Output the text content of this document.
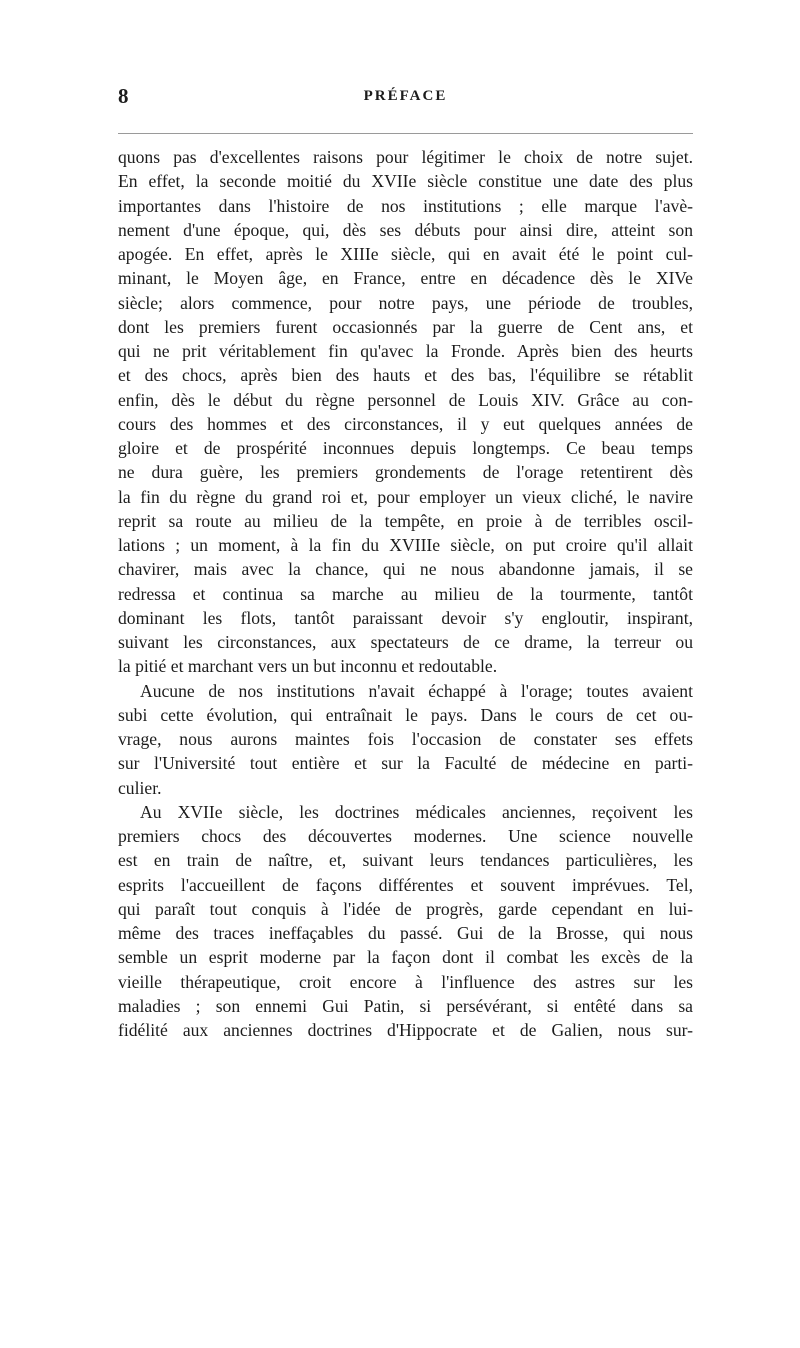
8	PRÉFACE
quons pas d'excellentes raisons pour légitimer le choix de notre sujet.
En effet, la seconde moitié du XVIIe siècle constitue une date des plus
importantes dans l'histoire de nos institutions ; elle marque l'avè-
nement d'une époque, qui, dès ses débuts pour ainsi dire, atteint son
apogée. En effet, après le XIIIe siècle, qui en avait été le point cul-
minant, le Moyen âge, en France, entre en décadence dès le XIVe
siècle; alors commence, pour notre pays, une période de troubles,
dont les premiers furent occasionnés par la guerre de Cent ans, et
qui ne prit véritablement fin qu'avec la Fronde. Après bien des heurts
et des chocs, après bien des hauts et des bas, l'équilibre se rétablit
enfin, dès le début du règne personnel de Louis XIV. Grâce au con-
cours des hommes et des circonstances, il y eut quelques années de
gloire et de prospérité inconnues depuis longtemps. Ce beau temps
ne dura guère, les premiers grondements de l'orage retentirent dès
la fin du règne du grand roi et, pour employer un vieux cliché, le navire
reprit sa route au milieu de la tempête, en proie à de terribles oscil-
lations ; un moment, à la fin du XVIIIe siècle, on put croire qu'il allait
chavirer, mais avec la chance, qui ne nous abandonne jamais, il se
redressa et continua sa marche au milieu de la tourmente, tantôt
dominant les flots, tantôt paraissant devoir s'y engloutir, inspirant,
suivant les circonstances, aux spectateurs de ce drame, la terreur ou
la pitié et marchant vers un but inconnu et redoutable.
Aucune de nos institutions n'avait échappé à l'orage; toutes avaient
subi cette évolution, qui entraînait le pays. Dans le cours de cet ou-
vrage, nous aurons maintes fois l'occasion de constater ses effets
sur l'Université tout entière et sur la Faculté de médecine en parti-
culier.
Au XVIIe siècle, les doctrines médicales anciennes, reçoivent les
premiers chocs des découvertes modernes. Une science nouvelle
est en train de naître, et, suivant leurs tendances particulières, les
esprits l'accueillent de façons différentes et souvent imprévues. Tel,
qui paraît tout conquis à l'idée de progrès, garde cependant en lui-
même des traces ineffaçables du passé. Gui de la Brosse, qui nous
semble un esprit moderne par la façon dont il combat les excès de la
vieille thérapeutique, croit encore à l'influence des astres sur les
maladies ; son ennemi Gui Patin, si persévérant, si entêté dans sa
fidélité aux anciennes doctrines d'Hippocrate et de Galien, nous sur-
